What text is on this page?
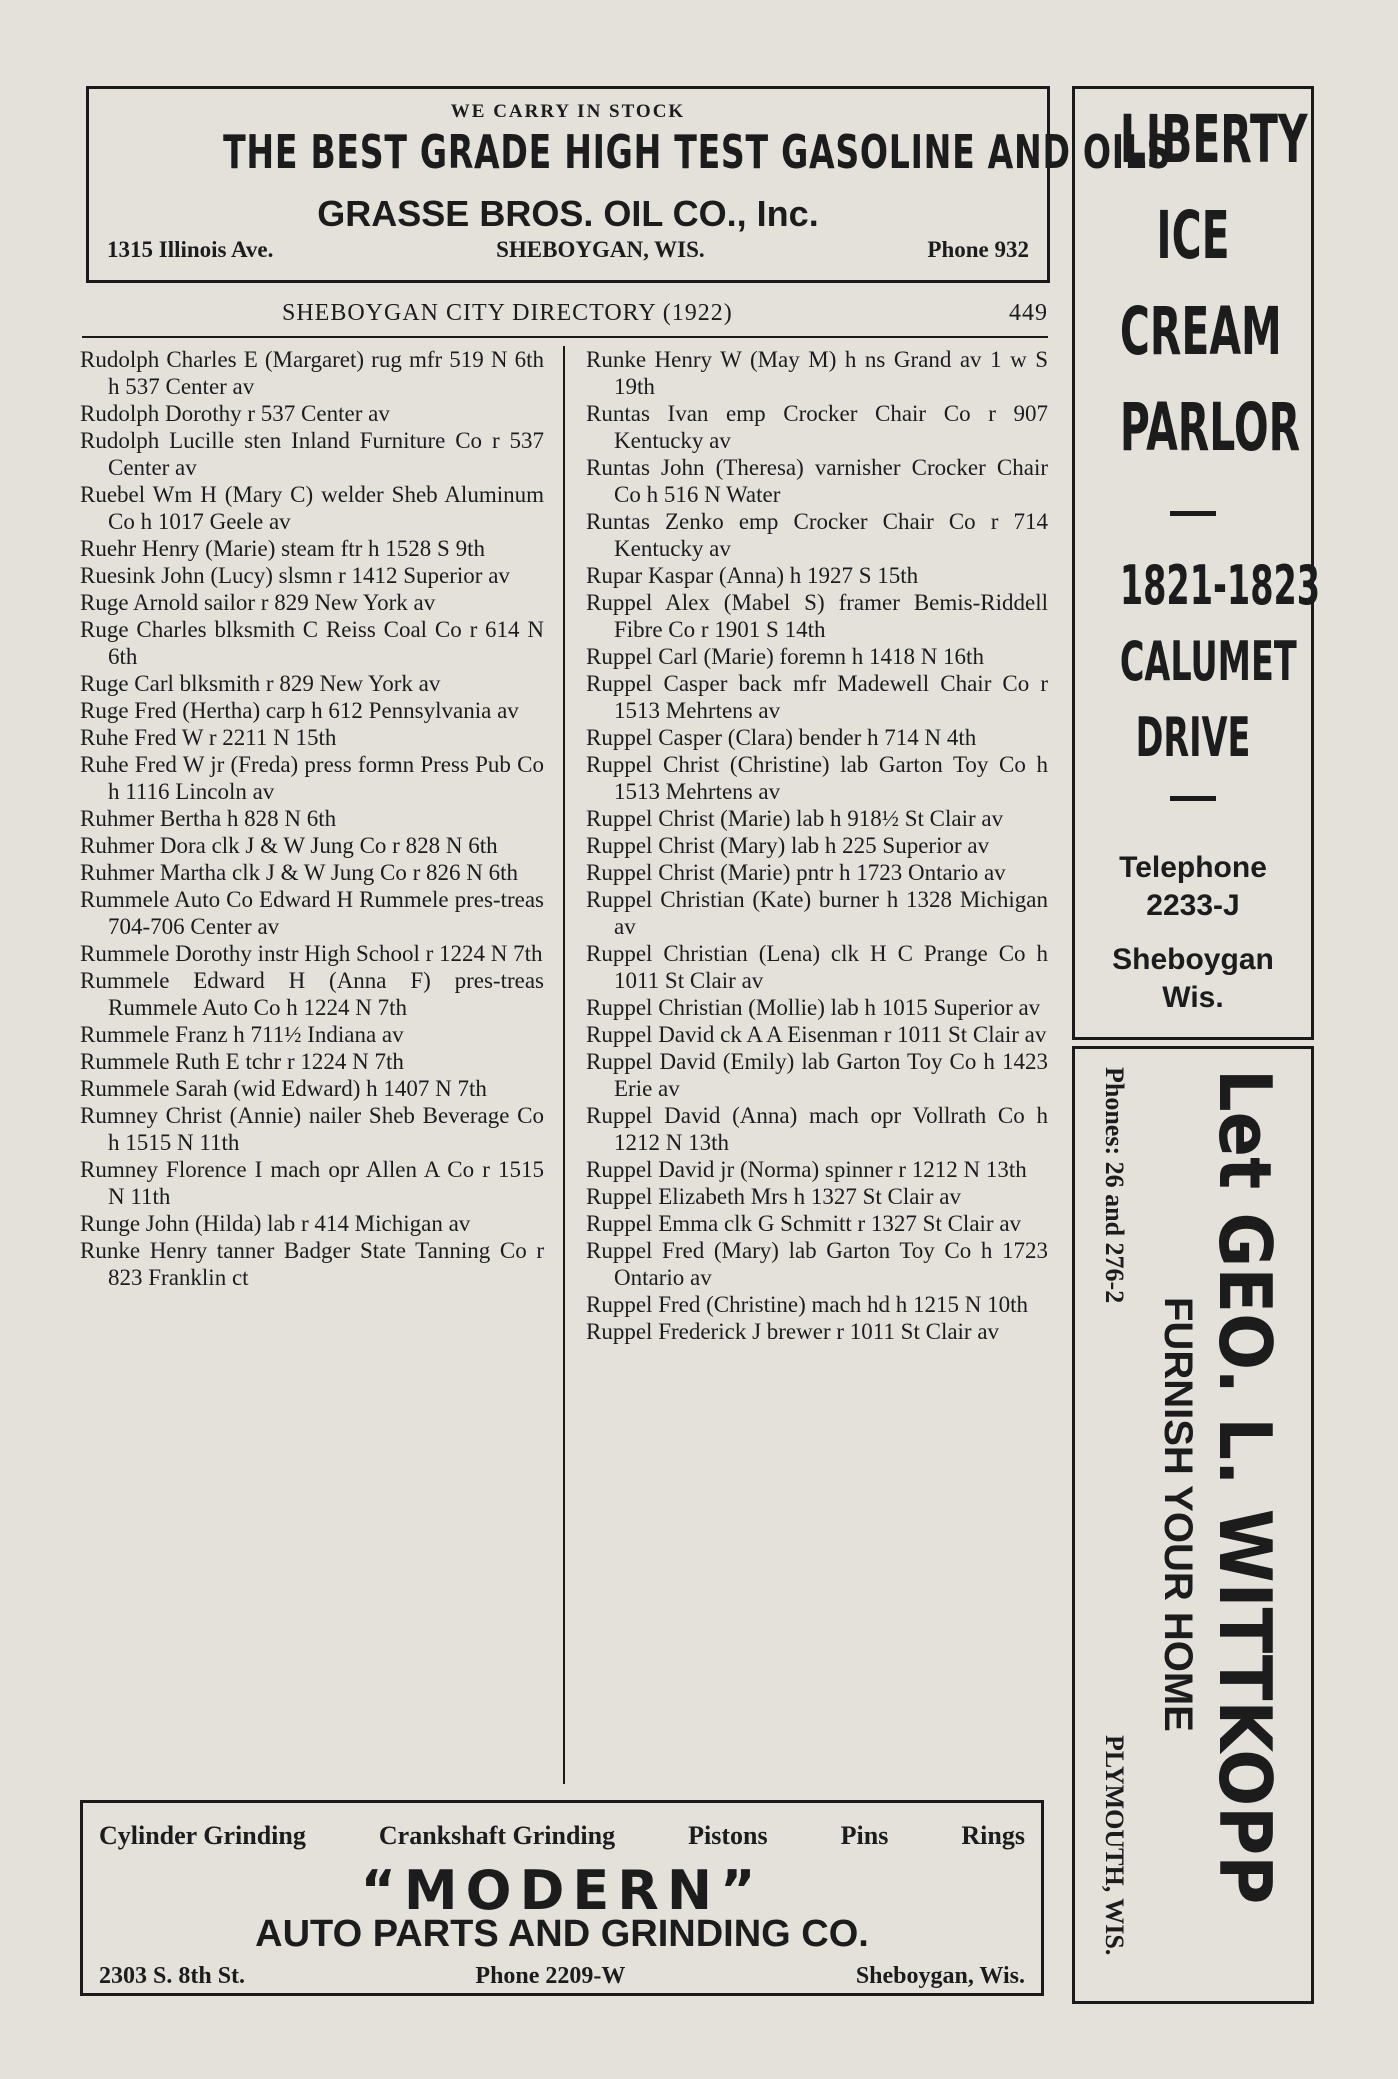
WE CARRY IN STOCK
THE BEST GRADE HIGH TEST GASOLINE AND OILS
GRASSE BROS. OIL CO., Inc.
1315 Illinois Ave.	SHEBOYGAN, WIS.	Phone 932
SHEBOYGAN CITY DIRECTORY (1922)	449
Rudolph Charles E (Margaret) rug mfr 519 N 6th h 537 Center av
Rudolph Dorothy r 537 Center av
Rudolph Lucille sten Inland Furniture Co r 537 Center av
Ruebel Wm H (Mary C) welder Sheb Aluminum Co h 1017 Geele av
Ruehr Henry (Marie) steam ftr h 1528 S 9th
Ruesink John (Lucy) slsmn r 1412 Superior av
Ruge Arnold sailor r 829 New York av
Ruge Charles blksmith C Reiss Coal Co r 614 N 6th
Ruge Carl blksmith r 829 New York av
Ruge Fred (Hertha) carp h 612 Pennsylvania av
Ruhe Fred W r 2211 N 15th
Ruhe Fred W jr (Freda) press formn Press Pub Co h 1116 Lincoln av
Ruhmer Bertha h 828 N 6th
Ruhmer Dora clk J & W Jung Co r 828 N 6th
Ruhmer Martha clk J & W Jung Co r 826 N 6th
Rummele Auto Co Edward H Rummele pres-treas 704-706 Center av
Rummele Dorothy instr High School r 1224 N 7th
Rummele Edward H (Anna F) pres-treas Rummele Auto Co h 1224 N 7th
Rummele Franz h 711½ Indiana av
Rummele Ruth E tchr r 1224 N 7th
Rummele Sarah (wid Edward) h 1407 N 7th
Rumney Christ (Annie) nailer Sheb Beverage Co h 1515 N 11th
Rumney Florence I mach opr Allen A Co r 1515 N 11th
Runge John (Hilda) lab r 414 Michigan av
Runke Henry tanner Badger State Tanning Co r 823 Franklin ct
Runke Henry W (May M) h ns Grand av 1 w S 19th
Runtas Ivan emp Crocker Chair Co r 907 Kentucky av
Runtas John (Theresa) varnisher Crocker Chair Co h 516 N Water
Runtas Zenko emp Crocker Chair Co r 714 Kentucky av
Rupar Kaspar (Anna) h 1927 S 15th
Ruppel Alex (Mabel S) framer Bemis-Riddell Fibre Co r 1901 S 14th
Ruppel Carl (Marie) foremn h 1418 N 16th
Ruppel Casper back mfr Madewell Chair Co r 1513 Mehrtens av
Ruppel Casper (Clara) bender h 714 N 4th
Ruppel Christ (Christine) lab Garton Toy Co h 1513 Mehrtens av
Ruppel Christ (Marie) lab h 918½ St Clair av
Ruppel Christ (Mary) lab h 225 Superior av
Ruppel Christ (Marie) pntr h 1723 Ontario av
Ruppel Christian (Kate) burner h 1328 Michigan av
Ruppel Christian (Lena) clk H C Prange Co h 1011 St Clair av
Ruppel Christian (Mollie) lab h 1015 Superior av
Ruppel David ck A A Eisenman r 1011 St Clair av
Ruppel David (Emily) lab Garton Toy Co h 1423 Erie av
Ruppel David (Anna) mach opr Vollrath Co h 1212 N 13th
Ruppel David jr (Norma) spinner r 1212 N 13th
Ruppel Elizabeth Mrs h 1327 St Clair av
Ruppel Emma clk G Schmitt r 1327 St Clair av
Ruppel Fred (Mary) lab Garton Toy Co h 1723 Ontario av
Ruppel Fred (Christine) mach hd h 1215 N 10th
Ruppel Frederick J brewer r 1011 St Clair av
LIBERTY
ICE
CREAM
PARLOR
1821-1823
CALUMET
DRIVE
Telephone
2233-J
Sheboygan
Wis.
Let GEO. L. WITTKOPP
FURNISH YOUR HOME
Phones: 26 and 276-2
PLYMOUTH, WIS.
Cylinder Grinding	Crankshaft Grinding	Pistons	Pins	Rings
“MODERN”
AUTO PARTS AND GRINDING CO.
2303 S. 8th St.	Phone 2209-W	Sheboygan, Wis.
